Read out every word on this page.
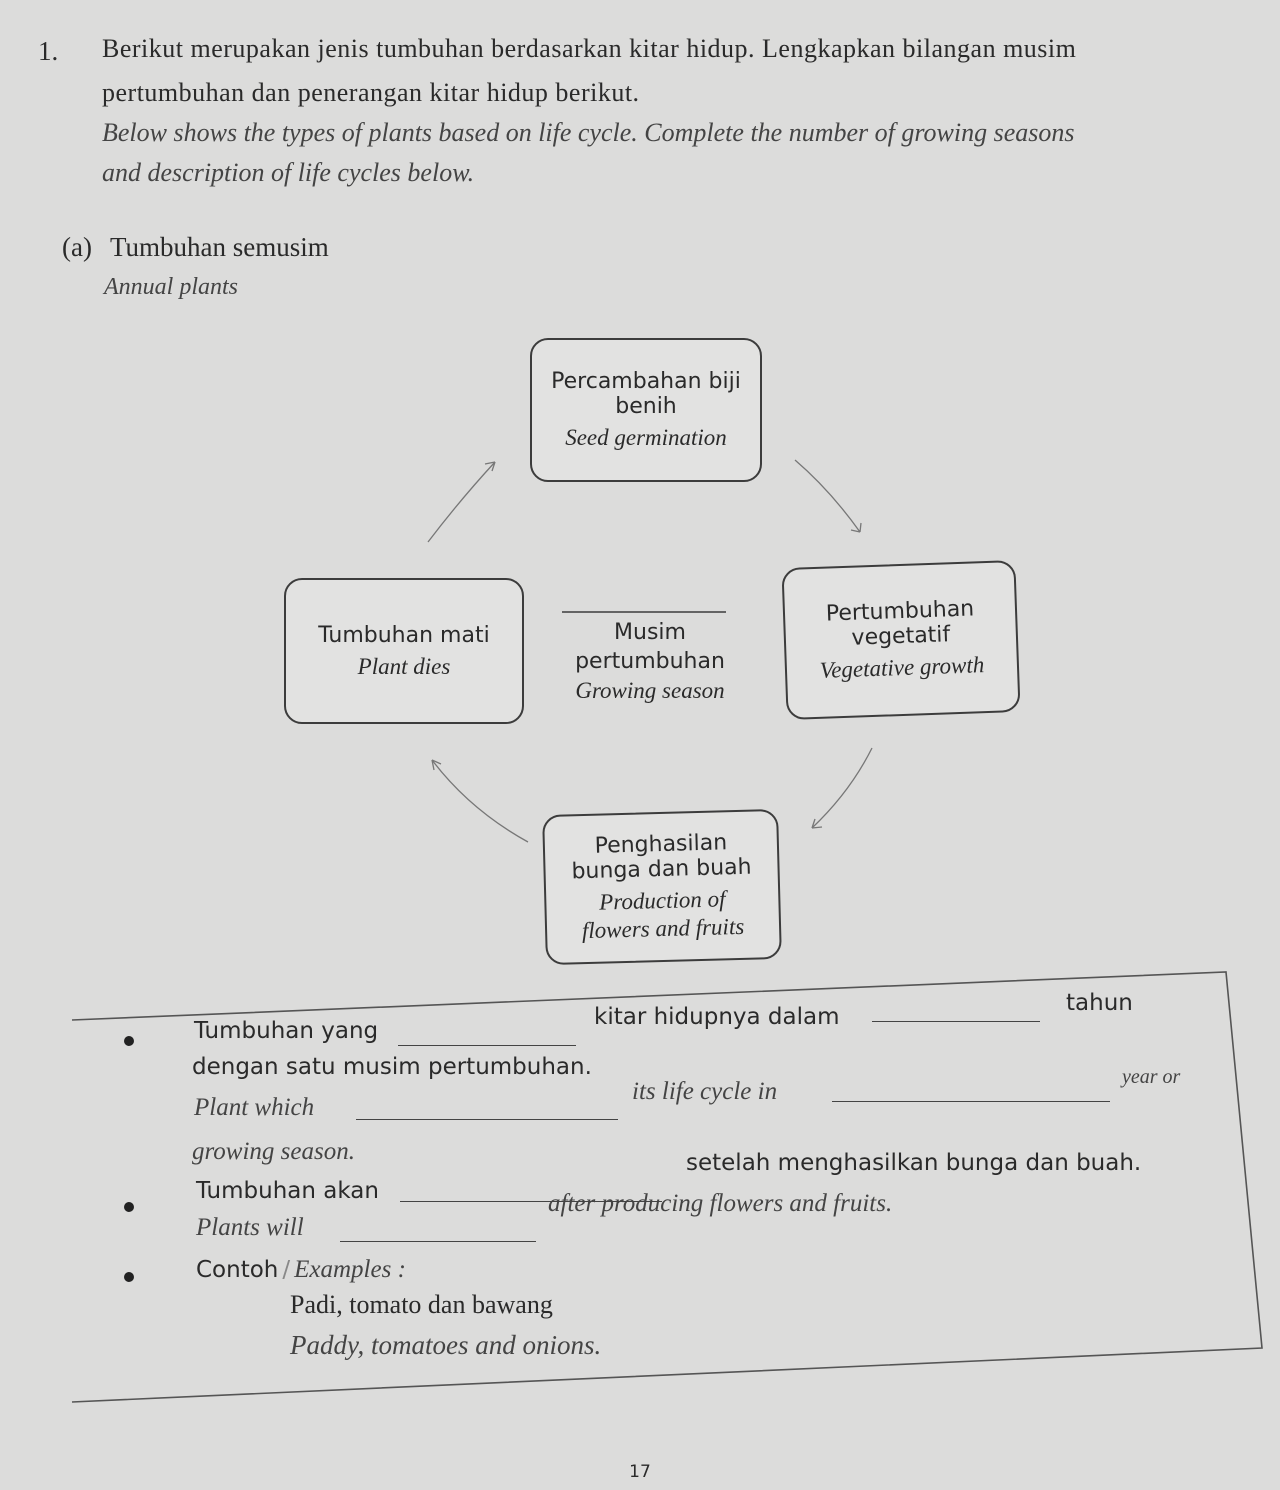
1. Berikut merupakan jenis tumbuhan berdasarkan kitar hidup. Lengkapkan bilangan musim
pertumbuhan dan penerangan kitar hidup berikut.
Below shows the types of plants based on life cycle. Complete the number of growing seasons
and description of life cycles below.
(a) Tumbuhan semusim
Annual plants
Percambahan biji
benih
Seed germination
Pertumbuhan
vegetatif
Vegetative growth
Tumbuhan mati
Plant dies
Musim
pertumbuhan
Growing season
Penghasilan
bunga dan buah
Production of
flowers and fruits
Tumbuhan yang
kitar hidupnya dalam
tahun
dengan satu musim pertumbuhan.
Plant which
its life cycle in
year or
growing season.
Tumbuhan akan
setelah menghasilkan bunga dan buah.
Plants will
after producing flowers and fruits.
Contoh / Examples :
Padi, tomato dan bawang
Paddy, tomatoes and onions.
17
